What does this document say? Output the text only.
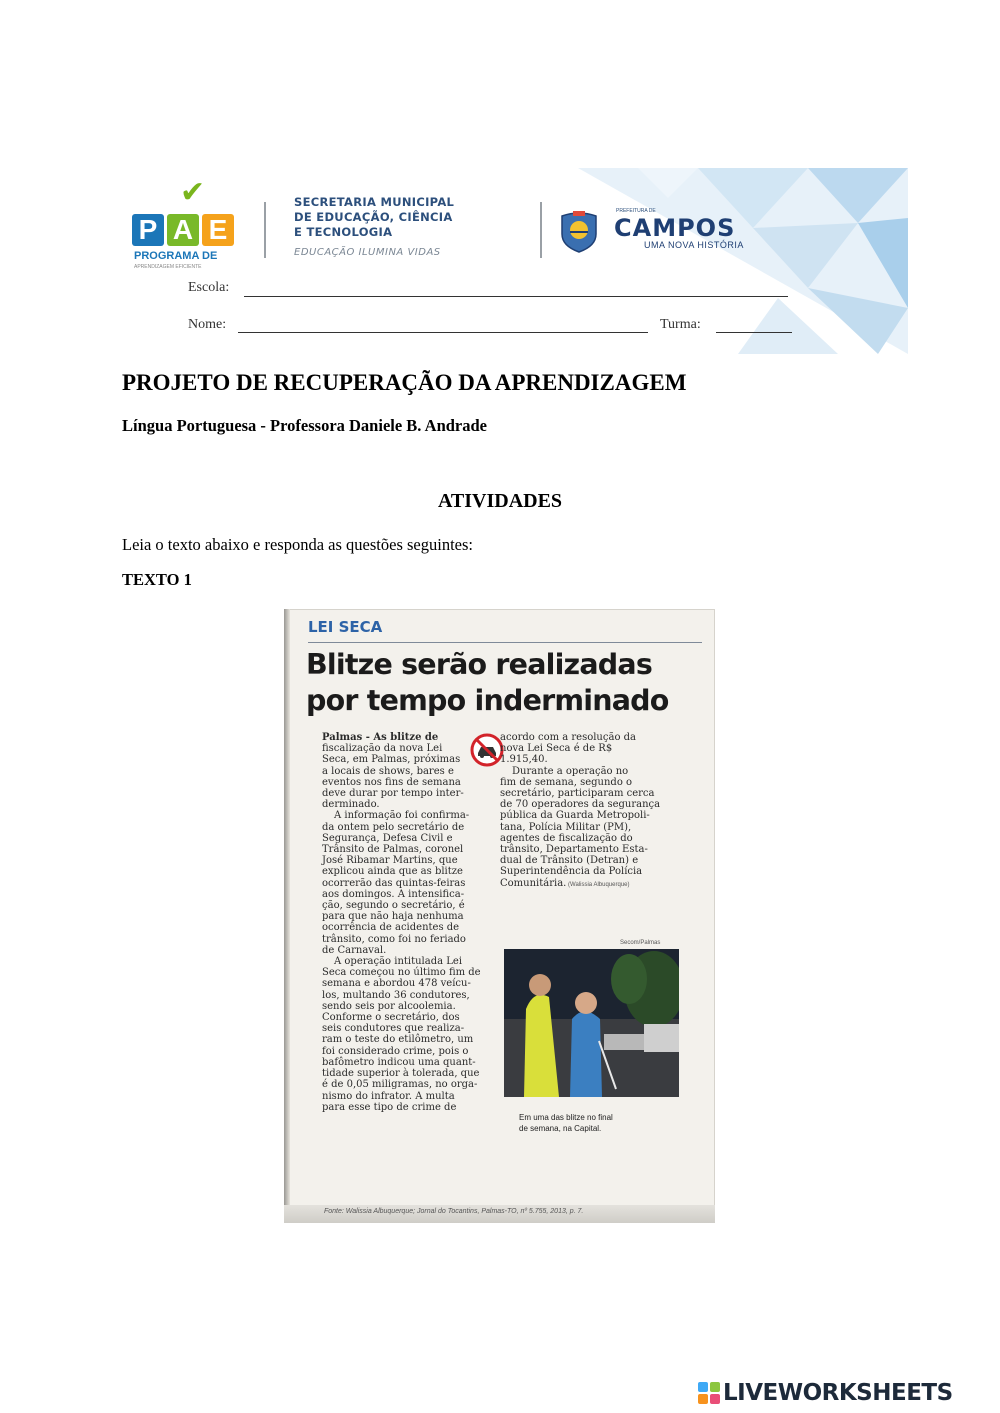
✔
P A E
PROGRAMA DE
APRENDIZAGEM EFICIENTE
SECRETARIA MUNICIPAL
DE EDUCAÇÃO, CIÊNCIA
E TECNOLOGIA
EDUCAÇÃO ILUMINA VIDAS
PREFEITURA DE
CAMPOS
UMA NOVA HISTÓRIA
Escola:
Nome:	Turma:
PROJETO DE RECUPERAÇÃO DA APRENDIZAGEM
Língua Portuguesa - Professora Daniele B. Andrade
ATIVIDADES
Leia o texto abaixo e responda as questões seguintes:
TEXTO 1
LEI SECA
Blitze serão realizadas
por tempo inderminado

Palmas - As blitze de

fiscalização da nova Lei

Seca, em Palmas, próximas

a locais de shows, bares e

eventos nos fins de semana

deve durar por tempo inter-

derminado.

A informação foi confirma-

da ontem pelo secretário de

Segurança, Defesa Civil e

Trânsito de Palmas, coronel

José Ribamar Martins, que

explicou ainda que as blitze

ocorrerão das quintas-feiras

aos domingos. A intensifica-

ção, segundo o secretário, é

para que não haja nenhuma

ocorrência de acidentes de

trânsito, como foi no feriado

de Carnaval.

A operação intitulada Lei

Seca começou no último fim de

semana e abordou 478 veícu-

los, multando 36 condutores,

sendo seis por alcoolemia.

Conforme o secretário, dos

seis condutores que realiza-

ram o teste do etilômetro, um

foi considerado crime, pois o

bafômetro indicou uma quant-

tidade superior à tolerada, que

é de 0,05 miligramas, no orga-

nismo do infrator. A multa

para esse tipo de crime de

acordo com a resolução da

nova Lei Seca é de R$

1.915,40.

Durante a operação no

fim de semana, segundo o

secretário, participaram cerca

de 70 operadores da segurança

pública da Guarda Metropoli-

tana, Polícia Militar (PM),

agentes de fiscalização do

trânsito, Departamento Esta-

dual de Trânsito (Detran) e

Superintendência da Polícia

Comunitária. (Walissia Albuquerque)

Secom/Palmas
Em uma das blitze no final
de semana, na Capital.
Fonte: Walissia Albuquerque; Jornal do Tocantins, Palmas-TO, nº 5.755, 2013, p. 7.
LIVEWORKSHEETS
